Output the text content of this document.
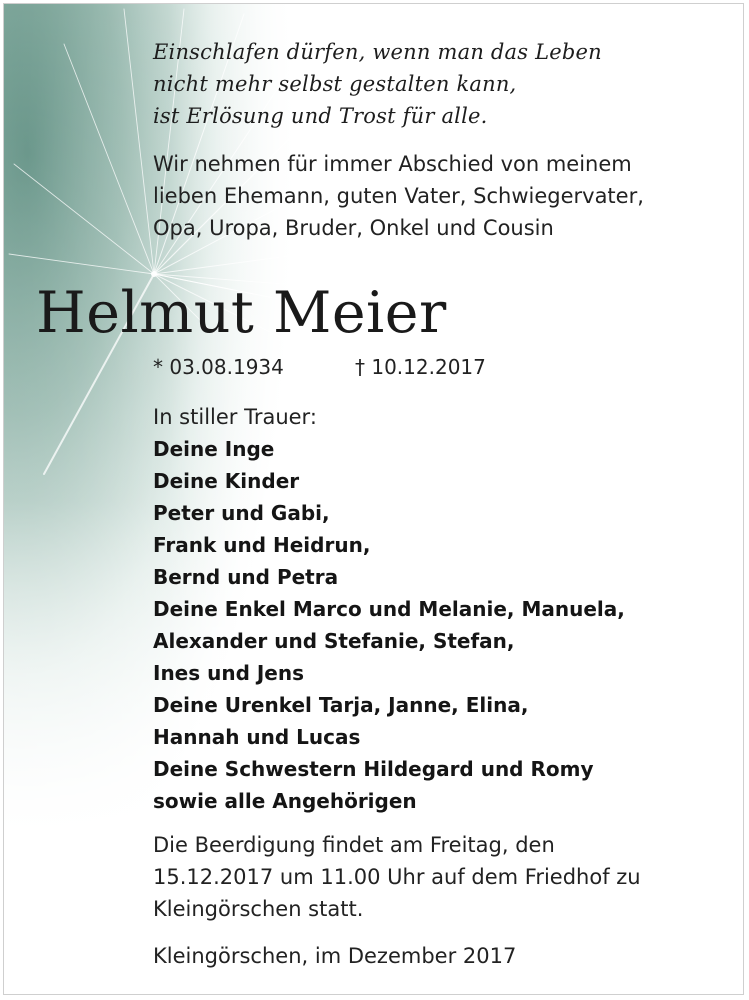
Einschlafen dürfen, wenn man das Leben
nicht mehr selbst gestalten kann,
ist Erlösung und Trost für alle.
Wir nehmen für immer Abschied von meinem
lieben Ehemann, guten Vater, Schwiegervater,
Opa, Uropa, Bruder, Onkel und Cousin
Helmut Meier
* 03.08.1934	† 10.12.2017
In stiller Trauer:
Deine Inge
Deine Kinder
Peter und Gabi,
Frank und Heidrun,
Bernd und Petra
Deine Enkel Marco und Melanie, Manuela,
Alexander und Stefanie, Stefan,
Ines und Jens
Deine Urenkel Tarja, Janne, Elina,
Hannah und Lucas
Deine Schwestern Hildegard und Romy
sowie alle Angehörigen
Die Beerdigung findet am Freitag, den
15.12.2017 um 11.00 Uhr auf dem Friedhof zu
Kleingörschen statt.
Kleingörschen, im Dezember 2017
